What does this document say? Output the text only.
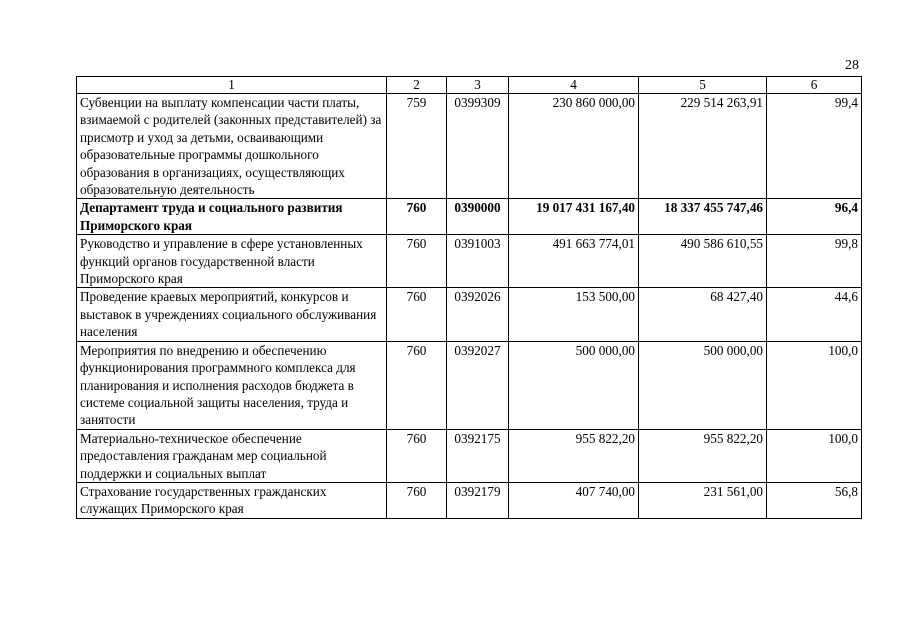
28
1	2	3	4	5	6
Субвенции на выплату компенсации части платы, взимаемой с родителей (законных представителей) за присмотр и уход за детьми, осваивающими образовательные программы дошкольного образования в организациях, осуществляющих образовательную деятельность	759	0399309	230 860 000,00	229 514 263,91	99,4
Департамент труда и социального развития Приморского края	760	0390000	19 017 431 167,40	18 337 455 747,46	96,4
Руководство и управление в сфере установленных функций органов государственной власти Приморского края	760	0391003	491 663 774,01	490 586 610,55	99,8
Проведение краевых мероприятий, конкурсов и выставок в учреждениях социального обслуживания населения	760	0392026	153 500,00	68 427,40	44,6
Мероприятия по внедрению и обеспечению функционирования программного комплекса для планирования и исполнения расходов бюджета в системе социальной защиты населения, труда и занятости	760	0392027	500 000,00	500 000,00	100,0
Материально-техническое обеспечение предоставления гражданам мер социальной поддержки и социальных выплат	760	0392175	955 822,20	955 822,20	100,0
Страхование государственных гражданских служащих Приморского края	760	0392179	407 740,00	231 561,00	56,8
